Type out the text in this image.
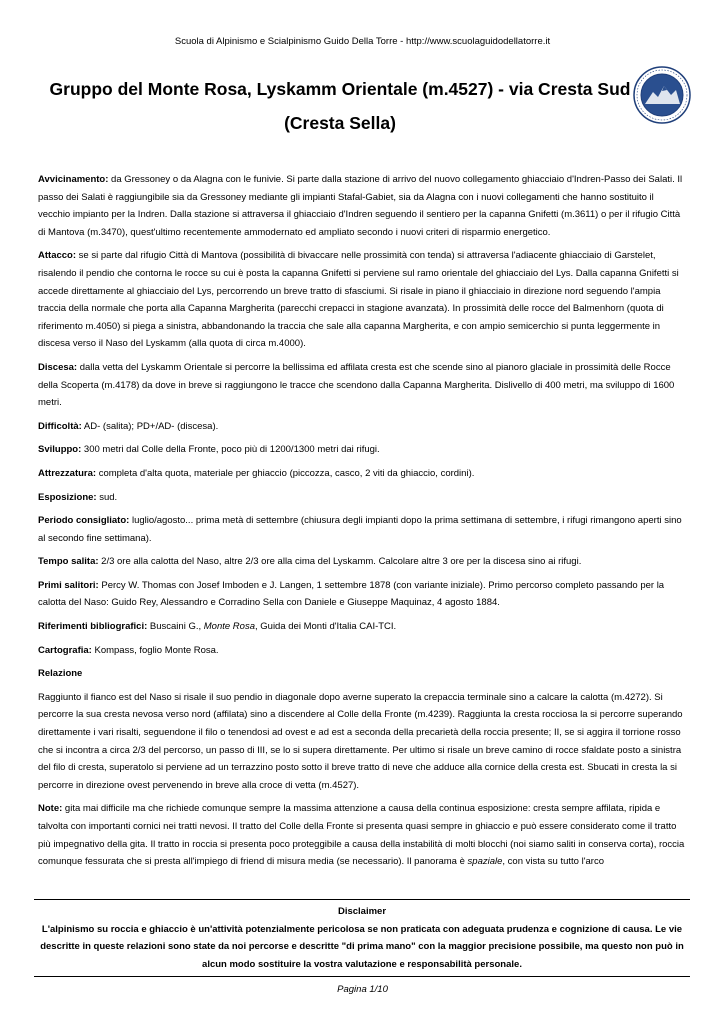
Scuola di Alpinismo e Scialpinismo Guido Della Torre - http://www.scuolaguidodellatorre.it
Gruppo del Monte Rosa, Lyskamm Orientale (m.4527) - via Cresta Sud (Cresta Sella)

Avvicinamento: da Gressoney o da Alagna con le funivie. Si parte dalla stazione di arrivo del nuovo collegamento ghiacciaio d'Indren-Passo dei Salati. Il passo dei Salati è raggiungibile sia da Gressoney mediante gli impianti Stafal-Gabiet, sia da Alagna con i nuovi collegamenti che hanno sostituito il vecchio impianto per la Indren. Dalla stazione si attraversa il ghiacciaio d'Indren seguendo il sentiero per la capanna Gnifetti (m.3611) o per il rifugio Città di Mantova (m.3470), quest'ultimo recentemente ammodernato ed ampliato secondo i nuovi criteri di risparmio energetico.

Attacco: se si parte dal rifugio Città di Mantova (possibilità di bivaccare nelle prossimità con tenda) si attraversa l'adiacente ghiacciaio di Garstelet, risalendo il pendio che contorna le rocce su cui è posta la capanna Gnifetti si perviene sul ramo orientale del ghiacciaio del Lys. Dalla capanna Gnifetti si accede direttamente al ghiacciaio del Lys, percorrendo un breve tratto di sfasciumi. Si risale in piano il ghiacciaio in direzione nord seguendo l'ampia traccia della normale che porta alla Capanna Margherita (parecchi crepacci in stagione avanzata). In prossimità delle rocce del Balmenhorn (quota di riferimento m.4050) si piega a sinistra, abbandonando la traccia che sale alla capanna Margherita, e con ampio semicerchio si punta leggermente in discesa verso il Naso del Lyskamm (alla quota di circa m.4000).

Discesa: dalla vetta del Lyskamm Orientale si percorre la bellissima ed affilata cresta est che scende sino al pianoro glaciale in prossimità delle Rocce della Scoperta (m.4178) da dove in breve si raggiungono le tracce che scendono dalla Capanna Margherita. Dislivello di 400 metri, ma sviluppo di 1600 metri.

Difficoltà: AD- (salita); PD+/AD- (discesa).

Sviluppo: 300 metri dal Colle della Fronte, poco più di 1200/1300 metri dai rifugi.

Attrezzatura: completa d'alta quota, materiale per ghiaccio (piccozza, casco, 2 viti da ghiaccio, cordini).

Esposizione: sud.

Periodo consigliato: luglio/agosto... prima metà di settembre (chiusura degli impianti dopo la prima settimana di settembre, i rifugi rimangono aperti sino al secondo fine settimana).

Tempo salita: 2/3 ore alla calotta del Naso, altre 2/3 ore alla cima del Lyskamm. Calcolare altre 3 ore per la discesa sino ai rifugi.

Primi salitori: Percy W. Thomas con Josef Imboden e J. Langen, 1 settembre 1878 (con variante iniziale). Primo percorso completo passando per la calotta del Naso: Guido Rey, Alessandro e Corradino Sella con Daniele e Giuseppe Maquinaz, 4 agosto 1884.

Riferimenti bibliografici: Buscaini G., Monte Rosa, Guida dei Monti d'Italia CAI-TCI.

Cartografia: Kompass, foglio Monte Rosa.

Relazione

Raggiunto il fianco est del Naso si risale il suo pendio in diagonale dopo averne superato la crepaccia terminale sino a calcare la calotta (m.4272). Si percorre la sua cresta nevosa verso nord (affilata) sino a discendere al Colle della Fronte (m.4239). Raggiunta la cresta rocciosa la si percorre superando direttamente i vari risalti, seguendone il filo o tenendosi ad ovest e ad est a seconda della precarietà della roccia presente; II, se si aggira il torrione rosso che si incontra a circa 2/3 del percorso, un passo di III, se lo si supera direttamente. Per ultimo si risale un breve camino di rocce sfaldate posto a sinistra del filo di cresta, superatolo si perviene ad un terrazzino posto sotto il breve tratto di neve che adduce alla cornice della cresta est. Sbucati in cresta la si percorre in direzione ovest pervenendo in breve alla croce di vetta (m.4527).

Note: gita mai difficile ma che richiede comunque sempre la massima attenzione a causa della continua esposizione: cresta sempre affilata, ripida e talvolta con importanti cornici nei tratti nevosi. Il tratto del Colle della Fronte si presenta quasi sempre in ghiaccio e può essere considerato come il tratto più impegnativo della gita. Il tratto in roccia si presenta poco proteggibile a causa della instabilità di molti blocchi (noi siamo saliti in conserva corta), roccia comunque fessurata che si presta all'impiego di friend di misura media (se necessario). Il panorama è spaziale, con vista su tutto l'arco

Disclaimer
L'alpinismo su roccia e ghiaccio è un'attività potenzialmente pericolosa se non praticata con adeguata prudenza e cognizione di causa. Le vie descritte in queste relazioni sono state da noi percorse e descritte "di prima mano" con la maggior precisione possibile, ma questo non può in alcun modo sostituire la vostra valutazione e responsabilità personale.
Pagina 1/10
